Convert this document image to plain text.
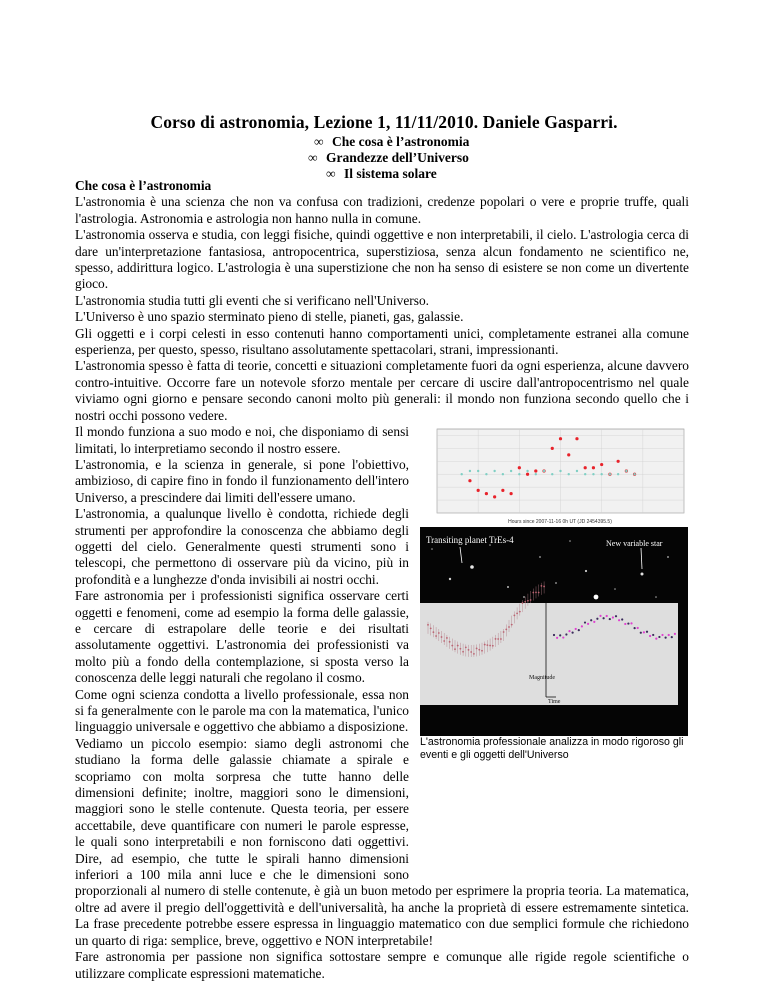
Corso di astronomia, Lezione 1, 11/11/2010. Daniele Gasparri.
∞ Che cosa è l’astronomia
∞ Grandezze dell’Universo
∞ Il sistema solare
Che cosa è l’astronomia

L'astronomia è una scienza che non va confusa con tradizioni, credenze popolari o vere e proprie truffe, quali l'astrologia. Astronomia e astrologia non hanno nulla in comune.

L'astronomia osserva e studia, con leggi fisiche, quindi oggettive e non interpretabili, il cielo. L'astrologia cerca di dare un'interpretazione fantasiosa, antropocentrica, superstiziosa, senza alcun fondamento ne scientifico ne, spesso, addirittura logico. L'astrologia è una superstizione che non ha senso di esistere se non come un divertente gioco.

L'astronomia studia tutti gli eventi che si verificano nell'Universo.

L'Universo è uno spazio sterminato pieno di stelle, pianeti, gas, galassie.

Gli oggetti e i corpi celesti in esso contenuti hanno comportamenti unici, completamente estranei alla comune esperienza, per questo, spesso, risultano assolutamente spettacolari, strani, impressionanti.

L'astronomia spesso è fatta di teorie, concetti e situazioni completamente fuori da ogni esperienza, alcune davvero contro-intuitive. Occorre fare un notevole sforzo mentale per cercare di uscire dall'antropocentrismo nel quale viviamo ogni giorno e pensare secondo canoni molto più generali: il mondo non funziona secondo quello che i nostri occhi possono vedere.

Il mondo funziona a suo modo e noi, che disponiamo di sensi limitati, lo interpretiamo secondo il nostro essere.

L'astronomia, e la scienza in generale, si pone l'obiettivo, ambizioso, di capire fino in fondo il funzionamento dell'intero Universo, a prescindere dai limiti dell'essere umano.

L'astronomia, a qualunque livello è condotta, richiede degli strumenti per approfondire la conoscenza che abbiamo degli oggetti del cielo. Generalmente questi strumenti sono i telescopi, che permettono di osservare più da vicino, più in profondità e a lunghezze d'onda invisibili ai nostri occhi.

Fare astronomia per i professionisti significa osservare certi oggetti e fenomeni, come ad esempio la forma delle galassie, e cercare di estrapolare delle teorie e dei risultati assolutamente oggettivi. L'astronomia dei professionisti va molto più a fondo della contemplazione, si sposta verso la conoscenza delle leggi naturali che regolano il cosmo.

Come ogni scienza condotta a livello professionale, essa non si fa generalmente con le parole ma con la matematica, l'unico linguaggio universale e oggettivo che abbiamo a disposizione.

Vediamo un piccolo esempio: siamo degli astronomi che studiano la forma delle galassie chiamate a spirale e scopriamo con molta sorpresa che tutte hanno delle dimensioni definite; inoltre, maggiori sono le dimensioni, maggiori sono le stelle contenute. Questa teoria, per essere accettabile, deve quantificare con numeri le parole espresse, le quali sono interpretabili e non forniscono dati oggettivi. Dire, ad esempio, che tutte le spirali hanno dimensioni inferiori a 100 mila anni luce e che le dimensioni sono proporzionali al numero di stelle contenute, è già un buon metodo per esprimere la propria teoria. La matematica, oltre ad avere il pregio dell'oggettività e dell'universalità, ha anche la proprietà di essere estremamente sintetica. La frase precedente potrebbe essere espressa in linguaggio matematico con due semplici formule che richiedono un quarto di riga: semplice, breve, oggettivo e NON interpretabile!

Fare astronomia per passione non significa sottostare sempre e comunque alle rigide regole scientifiche o utilizzare complicate espressioni matematiche.

Hours since 2007-11-16 0h UT (JD 2454395.5)
Transiting planet TrEs-4	New variable star
Magnitude
Time
L'astronomia professionale analizza in modo rigoroso gli eventi e gli oggetti dell'Universo
